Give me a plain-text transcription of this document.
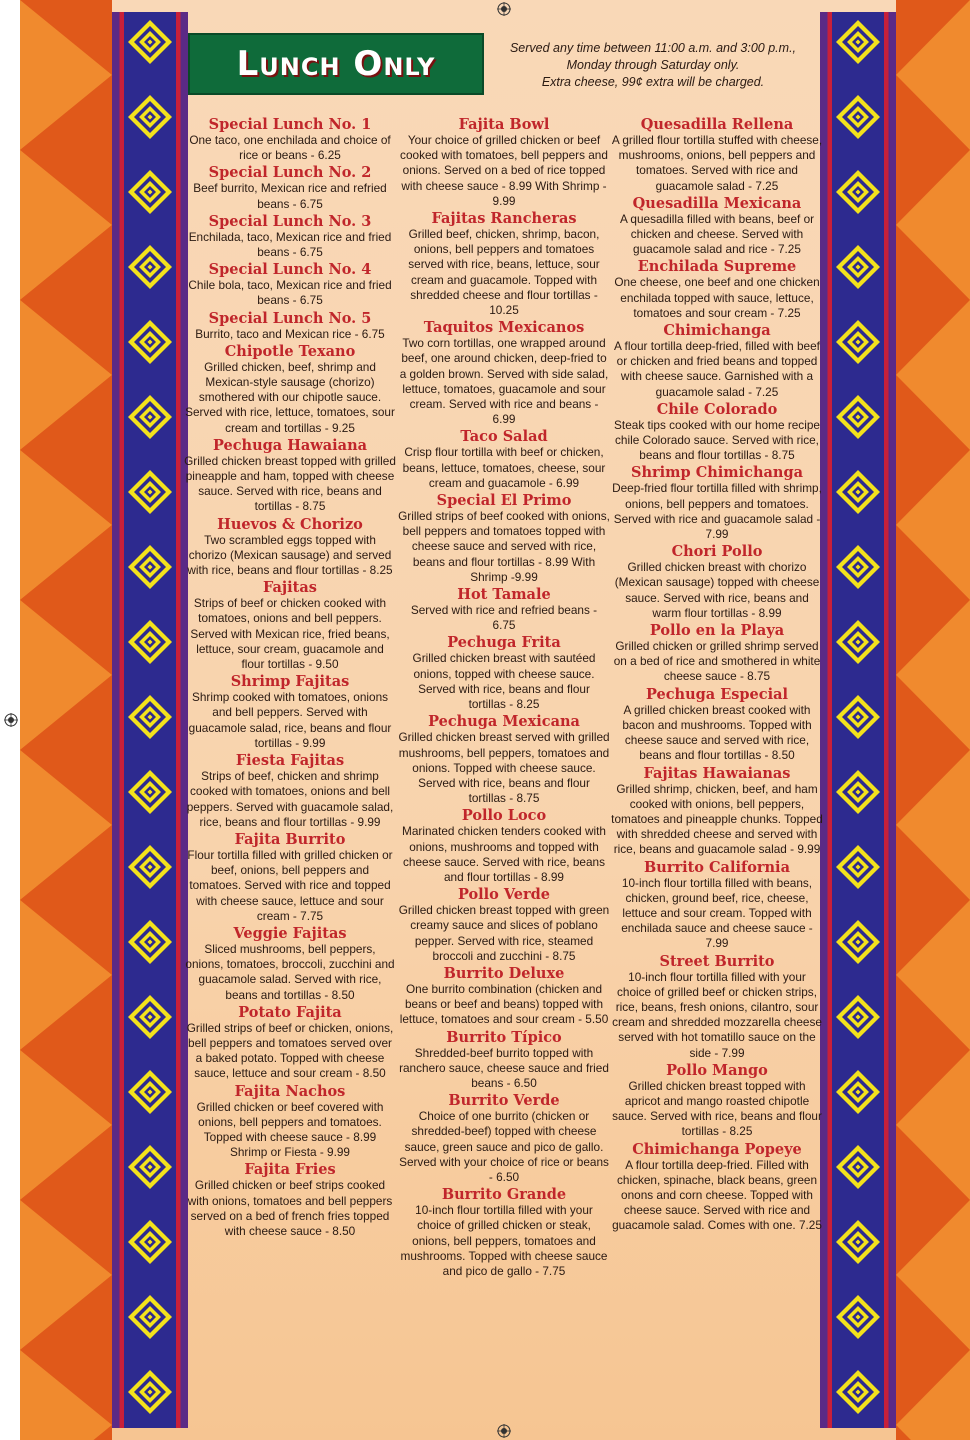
Lunch Only	Served any time between 11:00 a.m. and 3:00 p.m.,
Monday through Saturday only.
Extra cheese, 99¢ extra will be charged.
Special Lunch No. 1
One taco, one enchilada and choice of rice or beans - 6.25
Special Lunch No. 2
Beef burrito, Mexican rice and refried beans - 6.75
Special Lunch No. 3
Enchilada, taco, Mexican rice and fried beans - 6.75
Special Lunch No. 4
Chile bola, taco, Mexican rice and fried beans - 6.75
Special Lunch No. 5
Burrito, taco and Mexican rice - 6.75
Chipotle Texano
Grilled chicken, beef, shrimp and Mexican-style sausage (chorizo) smothered with our chipotle sauce. Served with rice, lettuce, tomatoes, sour cream and tortillas - 9.25
Pechuga Hawaiana
Grilled chicken breast topped with grilled pineapple and ham, topped with cheese sauce. Served with rice, beans and tortillas - 8.75
Huevos & Chorizo
Two scrambled eggs topped with chorizo (Mexican sausage) and served with rice, beans and flour tortillas - 8.25
Fajitas
Strips of beef or chicken cooked with tomatoes, onions and bell peppers. Served with Mexican rice, fried beans, lettuce, sour cream, guacamole and flour tortillas - 9.50
Shrimp Fajitas
Shrimp cooked with tomatoes, onions and bell peppers. Served with guacamole salad, rice, beans and flour tortillas - 9.99
Fiesta Fajitas
Strips of beef, chicken and shrimp cooked with tomatoes, onions and bell peppers. Served with guacamole salad, rice, beans and flour tortillas - 9.99
Fajita Burrito
Flour tortilla filled with grilled chicken or beef, onions, bell peppers and tomatoes. Served with rice and topped with cheese sauce, lettuce and sour cream - 7.75
Veggie Fajitas
Sliced mushrooms, bell peppers, onions, tomatoes, broccoli, zucchini and guacamole salad. Served with rice, beans and tortillas - 8.50
Potato Fajita
Grilled strips of beef or chicken, onions, bell peppers and tomatoes served over a baked potato. Topped with cheese sauce, lettuce and sour cream - 8.50
Fajita Nachos
Grilled chicken or beef covered with onions, bell peppers and tomatoes. Topped with cheese sauce - 8.99 Shrimp or Fiesta - 9.99
Fajita Fries
Grilled chicken or beef strips cooked with onions, tomatoes and bell peppers served on a bed of french fries topped with cheese sauce - 8.50
Fajita Bowl
Your choice of grilled chicken or beef cooked with tomatoes, bell peppers and onions. Served on a bed of rice topped with cheese sauce - 8.99 With Shrimp - 9.99
Fajitas Rancheras
Grilled beef, chicken, shrimp, bacon, onions, bell peppers and tomatoes served with rice, beans, lettuce, sour cream and guacamole. Topped with shredded cheese and flour tortillas - 10.25
Taquitos Mexicanos
Two corn tortillas, one wrapped around beef, one around chicken, deep-fried to a golden brown. Served with side salad, lettuce, tomatoes, guacamole and sour cream. Served with rice and beans - 6.99
Taco Salad
Crisp flour tortilla with beef or chicken, beans, lettuce, tomatoes, cheese, sour cream and guacamole - 6.99
Special El Primo
Grilled strips of beef cooked with onions, bell peppers and tomatoes topped with cheese sauce and served with rice, beans and flour tortillas - 8.99 With Shrimp -9.99
Hot Tamale
Served with rice and refried beans - 6.75
Pechuga Frita
Grilled chicken breast with sautéed onions, topped with cheese sauce. Served with rice, beans and flour tortillas - 8.25
Pechuga Mexicana
Grilled chicken breast served with grilled mushrooms, bell peppers, tomatoes and onions. Topped with cheese sauce. Served with rice, beans and flour tortillas - 8.75
Pollo Loco
Marinated chicken tenders cooked with onions, mushrooms and topped with cheese sauce. Served with rice, beans and flour tortillas - 8.99
Pollo Verde
Grilled chicken breast topped with green creamy sauce and slices of poblano pepper. Served with rice, steamed broccoli and zucchini - 8.75
Burrito Deluxe
One burrito combination (chicken and beans or beef and beans) topped with lettuce, tomatoes and sour cream - 5.50
Burrito Típico
Shredded-beef burrito topped with ranchero sauce, cheese sauce and fried beans - 6.50
Burrito Verde
Choice of one burrito (chicken or shredded-beef) topped with cheese sauce, green sauce and pico de gallo. Served with your choice of rice or beans - 6.50
Burrito Grande
10-inch flour tortilla filled with your choice of grilled chicken or steak, onions, bell peppers, tomatoes and mushrooms. Topped with cheese sauce and pico de gallo - 7.75
Quesadilla Rellena
A grilled flour tortilla stuffed with cheese, mushrooms, onions, bell peppers and tomatoes. Served with rice and guacamole salad - 7.25
Quesadilla Mexicana
A quesadilla filled with beans, beef or chicken and cheese. Served with guacamole salad and rice - 7.25
Enchilada Supreme
One cheese, one beef and one chicken enchilada topped with sauce, lettuce, tomatoes and sour cream - 7.25
Chimichanga
A flour tortilla deep-fried, filled with beef or chicken and fried beans and topped with cheese sauce. Garnished with a guacamole salad - 7.25
Chile Colorado
Steak tips cooked with our home recipe chile Colorado sauce. Served with rice, beans and flour tortillas - 8.75
Shrimp Chimichanga
Deep-fried flour tortilla filled with shrimp, onions, bell peppers and tomatoes. Served with rice and guacamole salad - 7.99
Chori Pollo
Grilled chicken breast with chorizo (Mexican sausage) topped with cheese sauce. Served with rice, beans and warm flour tortillas - 8.99
Pollo en la Playa
Grilled chicken or grilled shrimp served on a bed of rice and smothered in white cheese sauce - 8.75
Pechuga Especial
A grilled chicken breast cooked with bacon and mushrooms. Topped with cheese sauce and served with rice, beans and flour tortillas - 8.50
Fajitas Hawaianas
Grilled shrimp, chicken, beef, and ham cooked with onions, bell peppers, tomatoes and pineapple chunks. Topped with shredded cheese and served with rice, beans and guacamole salad - 9.99
Burrito California
10-inch flour tortilla filled with beans, chicken, ground beef, rice, cheese, lettuce and sour cream. Topped with enchilada sauce and cheese sauce - 7.99
Street Burrito
10-inch flour tortilla filled with your choice of grilled beef or chicken strips, rice, beans, fresh onions, cilantro, sour cream and shredded mozzarella cheese served with hot tomatillo sauce on the side - 7.99
Pollo Mango
Grilled chicken breast topped with apricot and mango roasted chipotle sauce. Served with rice, beans and flour tortillas - 8.25
Chimichanga Popeye
A flour tortilla deep-fried. Filled with chicken, spinache, black beans, green onons and corn cheese. Topped with cheese sauce. Served with rice and guacamole salad. Comes with one. 7.25
